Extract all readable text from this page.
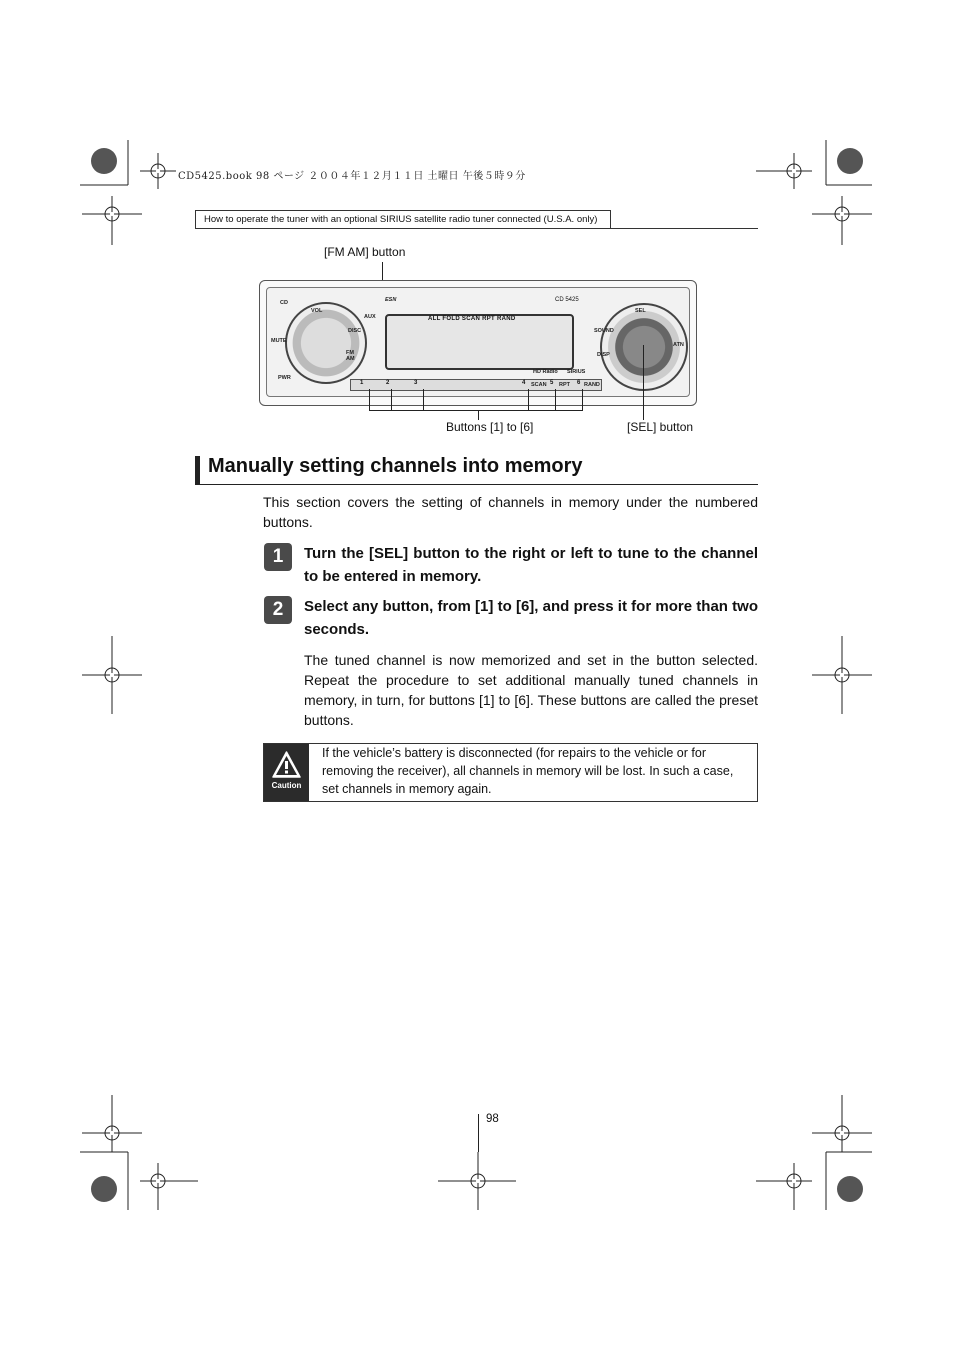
CD5425.book 98 ページ ２００４年１２月１１日 土曜日 午後５時９分
How to operate the tuner with an optional SIRIUS satellite radio tuner connected (U.S.A. only)
[FM AM] button
ALL FOLD SCAN RPT RAND
CD 5425
CD
VOL
MUTE
PWR
DISC
AUX
FM AM
ESN
SEL
SOUND
DISP
ATN
HD Radio SIRIUS
1	2	3	4 SCAN 5 RPT 6 RAND
Buttons [1] to [6]	[SEL] button
Manually setting channels into memory
This section covers the setting of channels in memory under the numbered buttons.
1	Turn the [SEL] button to the right or left to tune to the channel to be entered in memory.
2	Select any button, from [1] to [6], and press it for more than two seconds.
The tuned channel is now memorized and set in the button selected. Repeat the procedure to set additional manually tuned channels in memory, in turn, for buttons [1] to [6]. These buttons are called the preset buttons.
Caution
If the vehicle’s battery is disconnected (for repairs to the vehicle or for removing the receiver), all channels in memory will be lost. In such a case, set channels in memory again.
98
